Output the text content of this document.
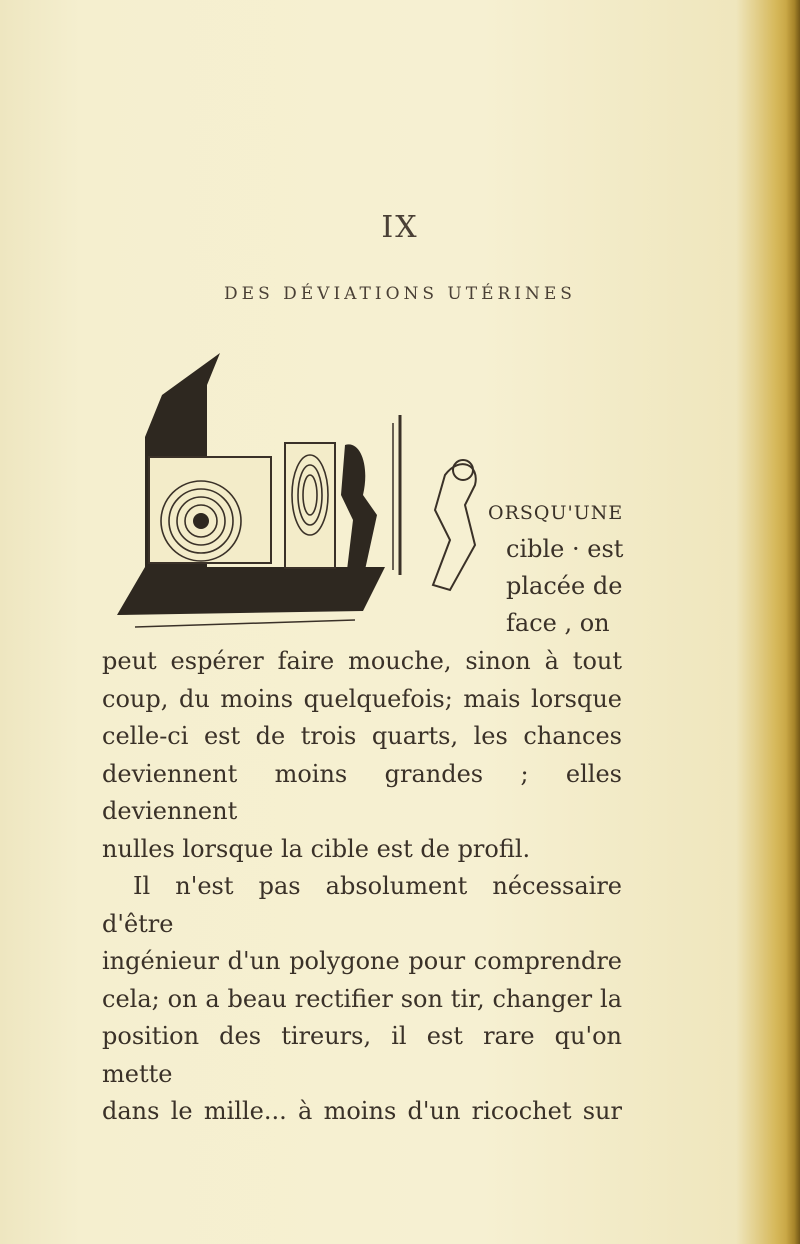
IX
DES DÉVIATIONS UTÉRINES
ORSQU'UNE
cible · est
placée de
face , on

peut espérer faire mouche, sinon à tout

coup, du moins quelquefois; mais lorsque

celle-ci est de trois quarts, les chances

deviennent moins grandes ; elles deviennent

nulles lorsque la cible est de profil.

Il n'est pas absolument nécessaire d'être

ingénieur d'un polygone pour comprendre

cela; on a beau rectifier son tir, changer la

position des tireurs, il est rare qu'on mette

dans le mille... à moins d'un ricochet sur
